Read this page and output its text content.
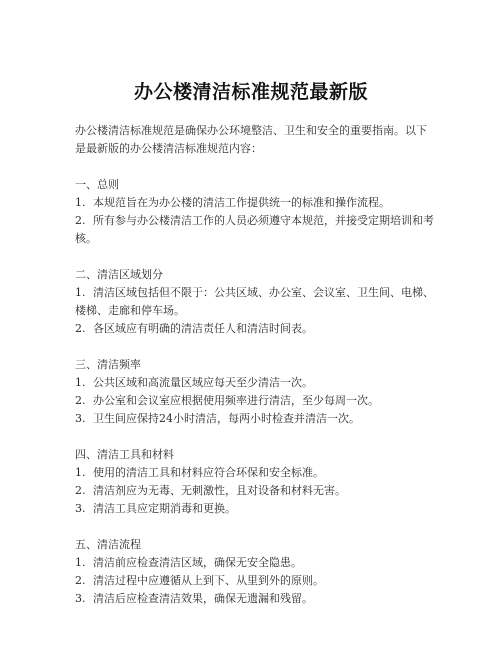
办公楼清洁标准规范最新版

办公楼清洁标准规范是确保办公环境整洁、卫生和安全的重要指南。以下是最新版的办公楼清洁标准规范内容：

一、总则

1. 本规范旨在为办公楼的清洁工作提供统一的标准和操作流程。

2. 所有参与办公楼清洁工作的人员必须遵守本规范，并接受定期培训和考核。

二、清洁区域划分

1. 清洁区域包括但不限于：公共区域、办公室、会议室、卫生间、电梯、楼梯、走廊和停车场。

2. 各区域应有明确的清洁责任人和清洁时间表。

三、清洁频率

1. 公共区域和高流量区域应每天至少清洁一次。

2. 办公室和会议室应根据使用频率进行清洁，至少每周一次。

3. 卫生间应保持24小时清洁，每两小时检查并清洁一次。

四、清洁工具和材料

1. 使用的清洁工具和材料应符合环保和安全标准。

2. 清洁剂应为无毒、无刺激性，且对设备和材料无害。

3. 清洁工具应定期消毒和更换。

五、清洁流程

1. 清洁前应检查清洁区域，确保无安全隐患。

2. 清洁过程中应遵循从上到下、从里到外的原则。

3. 清洁后应检查清洁效果，确保无遗漏和残留。
